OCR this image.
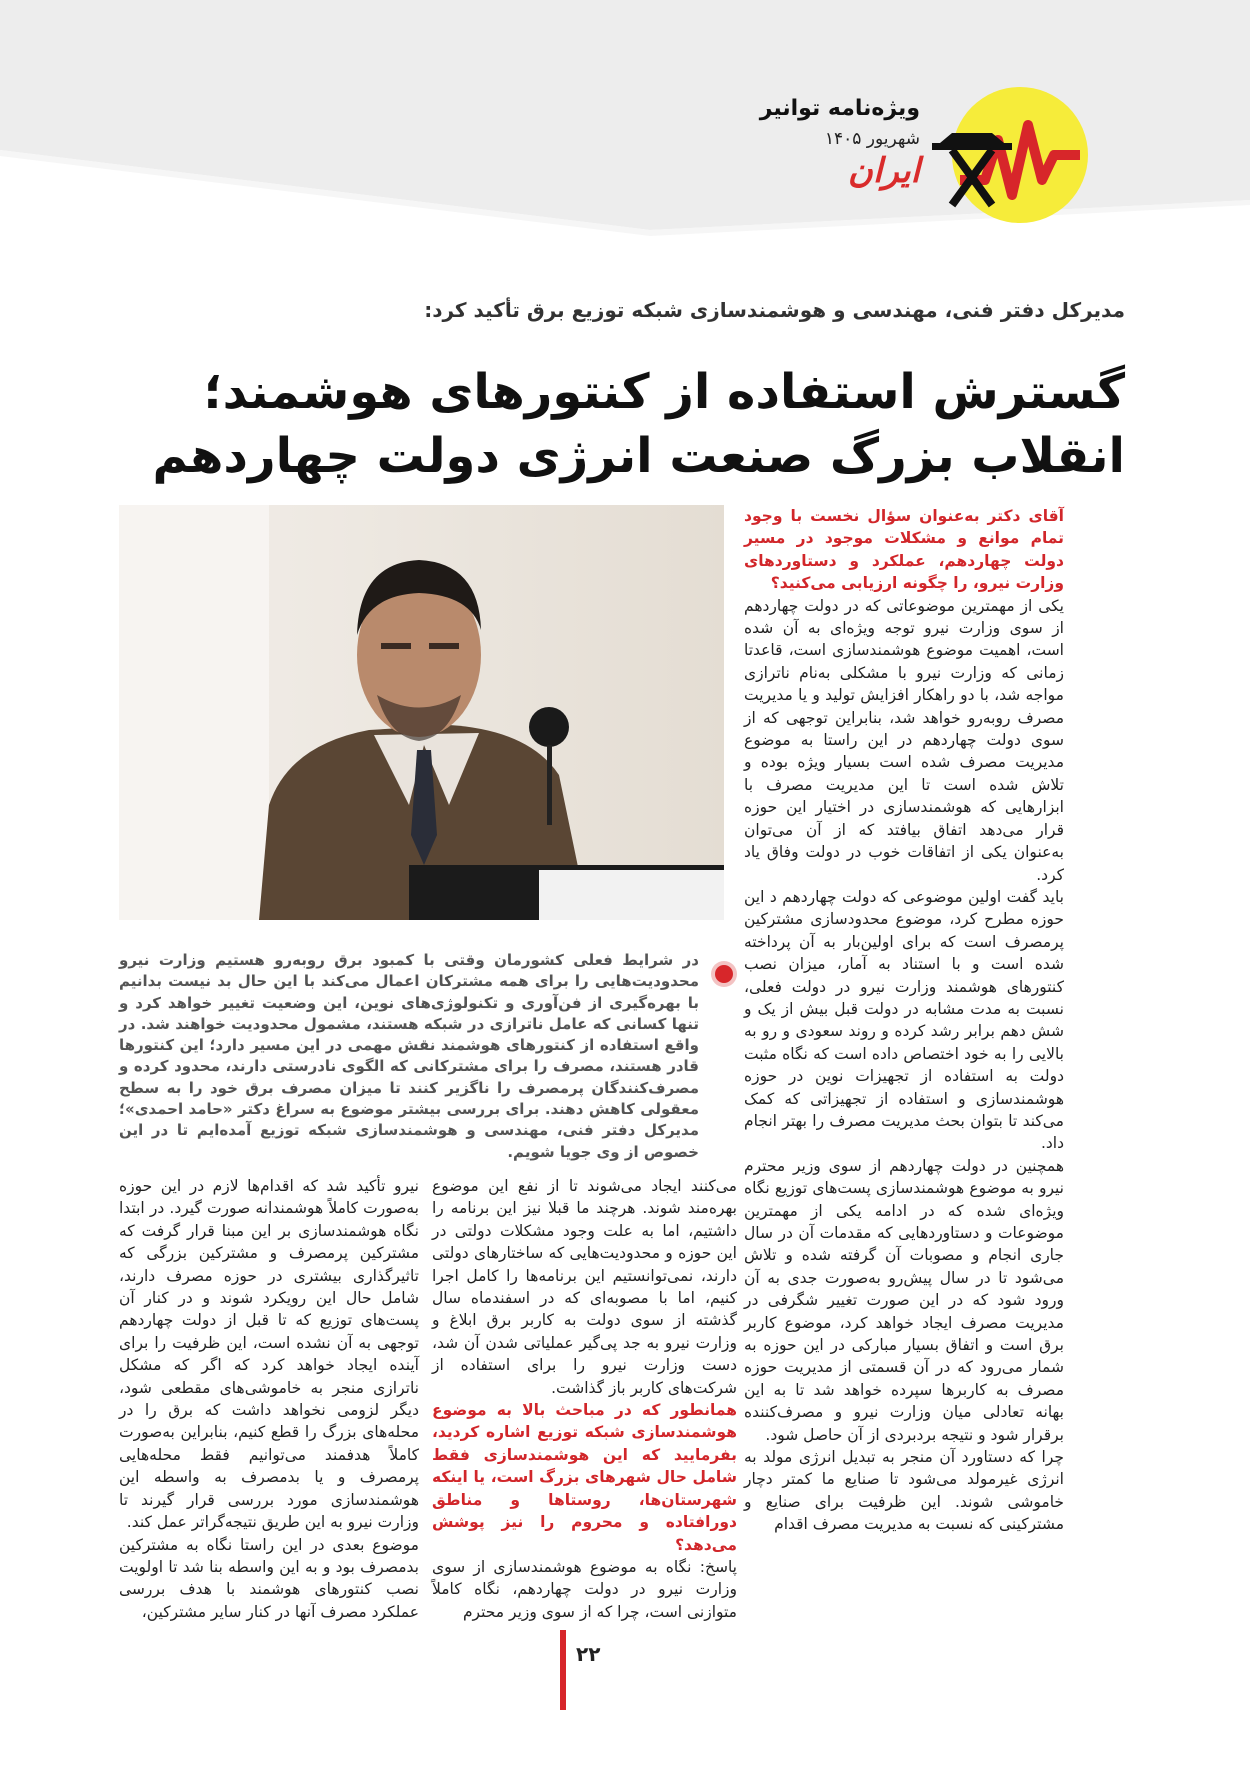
ویژه‌نامه توانیر
شهریور ۱۴۰۵
ایران
مدیرکل دفتر فنی، مهندسی و هوشمندسازی شبکه توزیع برق تأکید کرد:
گسترش استفاده از کنتورهای هوشمند؛
انقلاب بزرگ صنعت انرژی دولت چهاردهم
در شرایط فعلی کشورمان وقتی با کمبود برق روبه‌رو هستیم وزارت نیرو محدودیت‌هایی را برای همه مشترکان اعمال می‌کند با این حال بد نیست بدانیم با بهره‌گیری از فن‌آوری و تکنولوژی‌های نوین، این وضعیت تغییر خواهد کرد و تنها کسانی که عامل ناترازی در شبکه هستند، مشمول محدودیت خواهند شد. در واقع استفاده از کنتورهای هوشمند نقش مهمی در این مسیر دارد؛ این کنتورها قادر هستند، مصرف را برای مشترکانی که الگوی نادرستی دارند، محدود کرده و مصرف‌کنندگان پرمصرف را ناگزیر کنند تا میزان مصرف برق خود را به سطح معقولی کاهش دهند. برای بررسی بیشتر موضوع به سراغ دکتر «حامد احمدی»؛ مدیرکل دفتر فنی، مهندسی و هوشمندسازی شبکه توزیع آمده‌ایم تا در این خصوص از وی جویا شویم.

آقای دکتر به‌عنوان سؤال نخست با وجود تمام موانع و مشکلات موجود در مسیر دولت چهاردهم، عملکرد و دستاوردهای وزارت نیرو، را چگونه ارزیابی می‌کنید؟

یکی از مهمترین موضوعاتی که در دولت چهاردهم از سوی وزارت نیرو توجه ویژه‌ای به آن شده است، اهمیت موضوع هوشمندسازی است، قاعدتا زمانی که وزارت نیرو با مشکلی به‌نام ناترازی مواجه شد، با دو راهکار افزایش تولید و یا مدیریت مصرف روبه‌رو خواهد شد، بنابراین توجهی که از سوی دولت چهاردهم در این راستا به موضوع مدیریت مصرف شده است بسیار ویژه بوده و تلاش شده است تا این مدیریت مصرف با ابزارهایی که هوشمندسازی در اختیار این حوزه قرار می‌دهد اتفاق بیافتد که از آن می‌توان به‌عنوان یکی از اتفاقات خوب در دولت وفاق یاد کرد.

باید گفت اولین موضوعی که دولت چهاردهم د این حوزه مطرح کرد، موضوع محدودسازی مشترکین پرمصرف است که برای اولین‌بار به آن پرداخته شده است و با استناد به آمار، میزان نصب کنتورهای هوشمند وزارت نیرو در دولت فعلی، نسبت به مدت مشابه در دولت قبل بیش از یک و شش دهم برابر رشد کرده و روند سعودی و رو به بالایی را به خود اختصاص داده است که نگاه مثبت دولت به استفاده از تجهیزات نوین در حوزه هوشمندسازی و استفاده از تجهیزاتی که کمک می‌کند تا بتوان بحث مدیریت مصرف را بهتر انجام داد.

همچنین در دولت چهاردهم از سوی وزیر محترم نیرو به موضوع هوشمندسازی پست‌های توزیع نگاه ویژه‌ای شده که در ادامه یکی از مهمترین موضوعات و دستاوردهایی که مقدمات آن در سال جاری انجام و مصوبات آن گرفته شده و تلاش می‌شود تا در سال پیش‌رو به‌صورت جدی به آن ورود شود که در این صورت تغییر شگرفی در مدیریت مصرف ایجاد خواهد کرد، موضوع کاربر برق است و اتفاق بسیار مبارکی در این حوزه به شمار می‌رود که در آن قسمتی از مدیریت حوزه مصرف به کاربرها سپرده خواهد شد تا به این بهانه تعادلی میان وزارت نیرو و مصرف‌کننده برقرار شود و نتیجه بردبردی از آن حاصل شود.

چرا که دستاورد آن منجر به تبدیل انرژی مولد به انرژی غیرمولد می‌شود تا صنایع ما کمتر دچار خاموشی شوند. این ظرفیت برای صنایع و مشترکینی که نسبت به مدیریت مصرف اقدام

می‌کنند ایجاد می‌شوند تا از نفع این موضوع بهره‌مند شوند. هرچند ما قبلا نیز این برنامه را داشتیم، اما به علت وجود مشکلات دولتی در این حوزه و محدودیت‌هایی که ساختارهای دولتی دارند، نمی‌توانستیم این برنامه‌ها را کامل اجرا کنیم، اما با مصوبه‌ای که در اسفندماه سال گذشته از سوی دولت به کاربر برق ابلاغ و وزارت نیرو به جد پی‌گیر عملیاتی شدن آن شد، دست وزارت نیرو را برای استفاده از شرکت‌های کاربر باز گذاشت.

همانطور که در مباحث بالا به موضوع هوشمندسازی شبکه توزیع اشاره کردید، بفرمایید که این هوشمندسازی فقط شامل حال شهرهای بزرگ است، یا اینکه شهرستان‌ها، روستاها و مناطق دورافتاده و محروم را نیز پوشش می‌دهد؟

پاسخ: نگاه به موضوع هوشمندسازی از سوی وزارت نیرو در دولت چهاردهم، نگاه کاملاً متوازنی است، چرا که از سوی وزیر محترم

نیرو تأکید شد که اقدام‌ها لازم در این حوزه به‌صورت کاملاً هوشمندانه صورت گیرد. در ابتدا نگاه هوشمندسازی بر این مبنا قرار گرفت که مشترکین پرمصرف و مشترکین بزرگی که تاثیرگذاری بیشتری در حوزه مصرف دارند، شامل حال این رویکرد شوند و در کنار آن پست‌های توزیع که تا قبل از دولت چهاردهم توجهی به آن نشده است، این ظرفیت را برای آینده ایجاد خواهد کرد که اگر که مشکل ناترازی منجر به خاموشی‌های مقطعی شود، دیگر لزومی نخواهد داشت که برق را در محله‌های بزرگ را قطع کنیم، بنابراین به‌صورت کاملاً هدفمند می‌توانیم فقط محله‌هایی پرمصرف و یا بدمصرف به واسطه این هوشمندسازی مورد بررسی قرار گیرند تا وزارت نیرو به این طریق نتیجه‌گراتر عمل کند.

موضوع بعدی در این راستا نگاه به مشترکین بدمصرف بود و به این واسطه بنا شد تا اولویت نصب کنتورهای هوشمند با هدف بررسی عملکرد مصرف آنها در کنار سایر مشترکین،

۲۲
